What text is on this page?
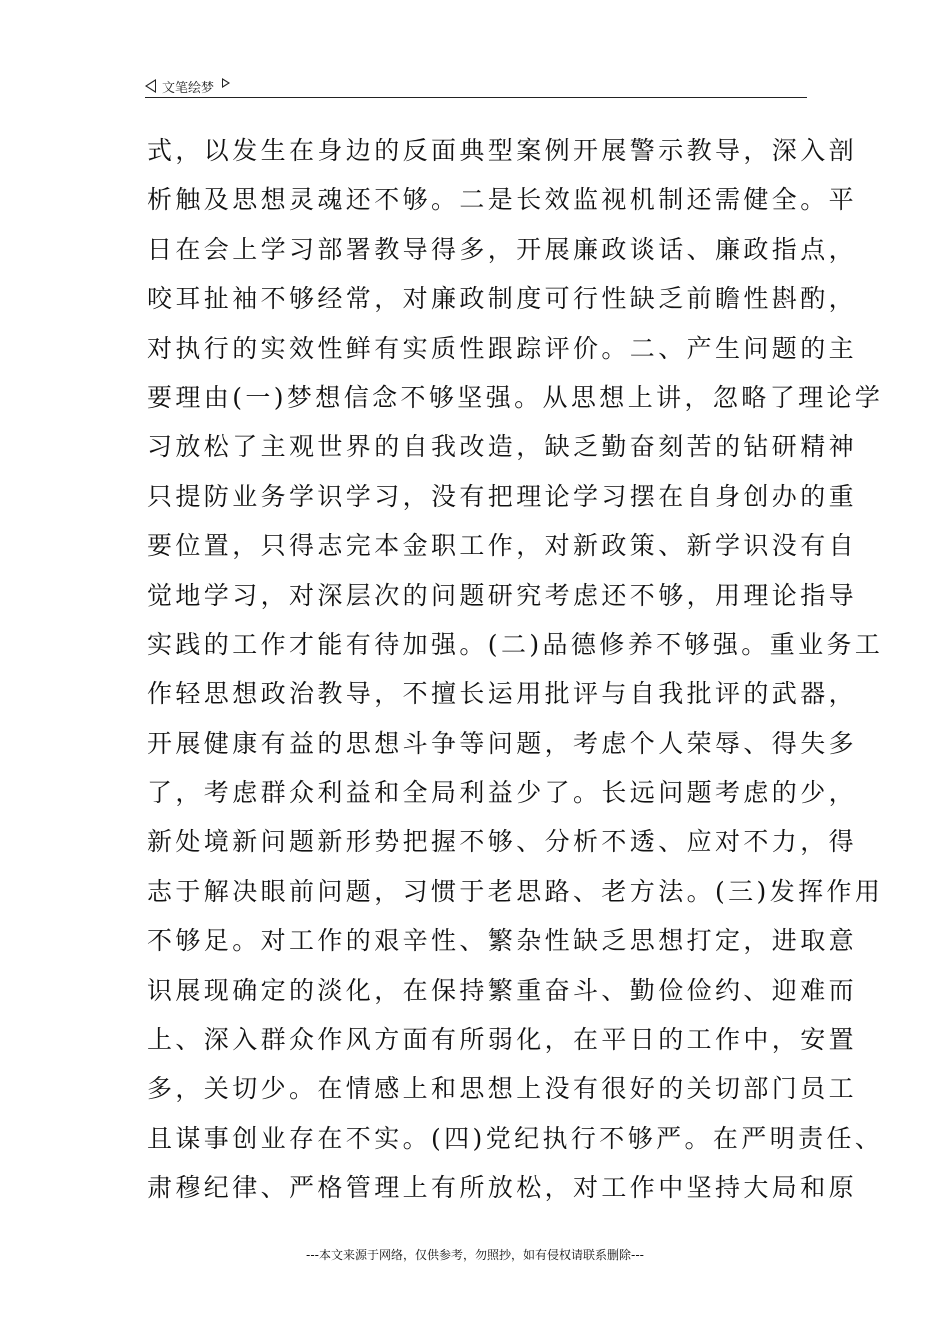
文笔绘梦
式，以发生在身边的反面典型案例开展警示教导，深入剖
析触及思想灵魂还不够。二是长效监视机制还需健全。平
日在会上学习部署教导得多，开展廉政谈话、廉政指点，
咬耳扯袖不够经常，对廉政制度可行性缺乏前瞻性斟酌，
对执行的实效性鲜有实质性跟踪评价。二、产生问题的主
要理由(一)梦想信念不够坚强。从思想上讲，忽略了理论学
习放松了主观世界的自我改造，缺乏勤奋刻苦的钻研精神
只提防业务学识学习，没有把理论学习摆在自身创办的重
要位置，只得志完本金职工作，对新政策、新学识没有自
觉地学习，对深层次的问题研究考虑还不够，用理论指导
实践的工作才能有待加强。(二)品德修养不够强。重业务工
作轻思想政治教导，不擅长运用批评与自我批评的武器，
开展健康有益的思想斗争等问题，考虑个人荣辱、得失多
了，考虑群众利益和全局利益少了。长远问题考虑的少，
新处境新问题新形势把握不够、分析不透、应对不力，得
志于解决眼前问题，习惯于老思路、老方法。(三)发挥作用
不够足。对工作的艰辛性、繁杂性缺乏思想打定，进取意
识展现确定的淡化，在保持繁重奋斗、勤俭俭约、迎难而
上、深入群众作风方面有所弱化，在平日的工作中，安置
多，关切少。在情感上和思想上没有很好的关切部门员工
且谋事创业存在不实。(四)党纪执行不够严。在严明责任、
肃穆纪律、严格管理上有所放松，对工作中坚持大局和原
---本文来源于网络，仅供参考，勿照抄，如有侵权请联系删除---
